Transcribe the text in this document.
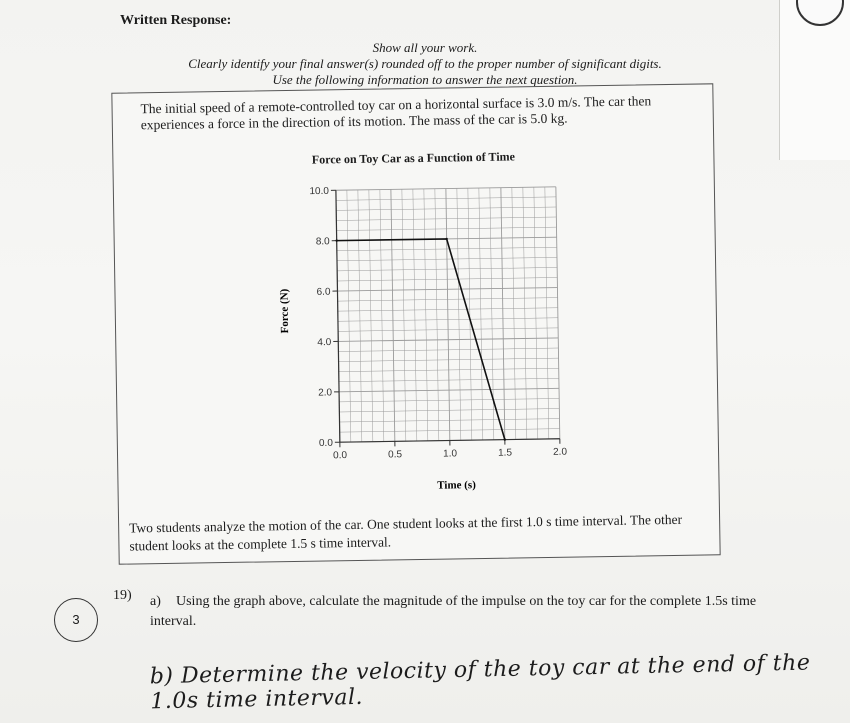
Written Response:
Show all your work.
Clearly identify your final answer(s) rounded off to the proper number of significant digits.
Use the following information to answer the next question.
The initial speed of a remote-controlled toy car on a horizontal surface is 3.0 m/s. The car then experiences a force in the direction of its motion. The mass of the car is 5.0 kg.
Force on Toy Car as a Function of Time
Force (N)
Time (s)
0.0	0.5	1.0	1.5	2.0
0.0
2.0
4.0
6.0
8.0
10.0
Two students analyze the motion of the car. One student looks at the first 1.0 s time interval. The other student looks at the complete 1.5 s time interval.
3
19) a) Using the graph above, calculate the magnitude of the impulse on the toy car for the complete 1.5s time interval.
b) Determine the velocity of the toy car at the end of the 1.0s time interval.
